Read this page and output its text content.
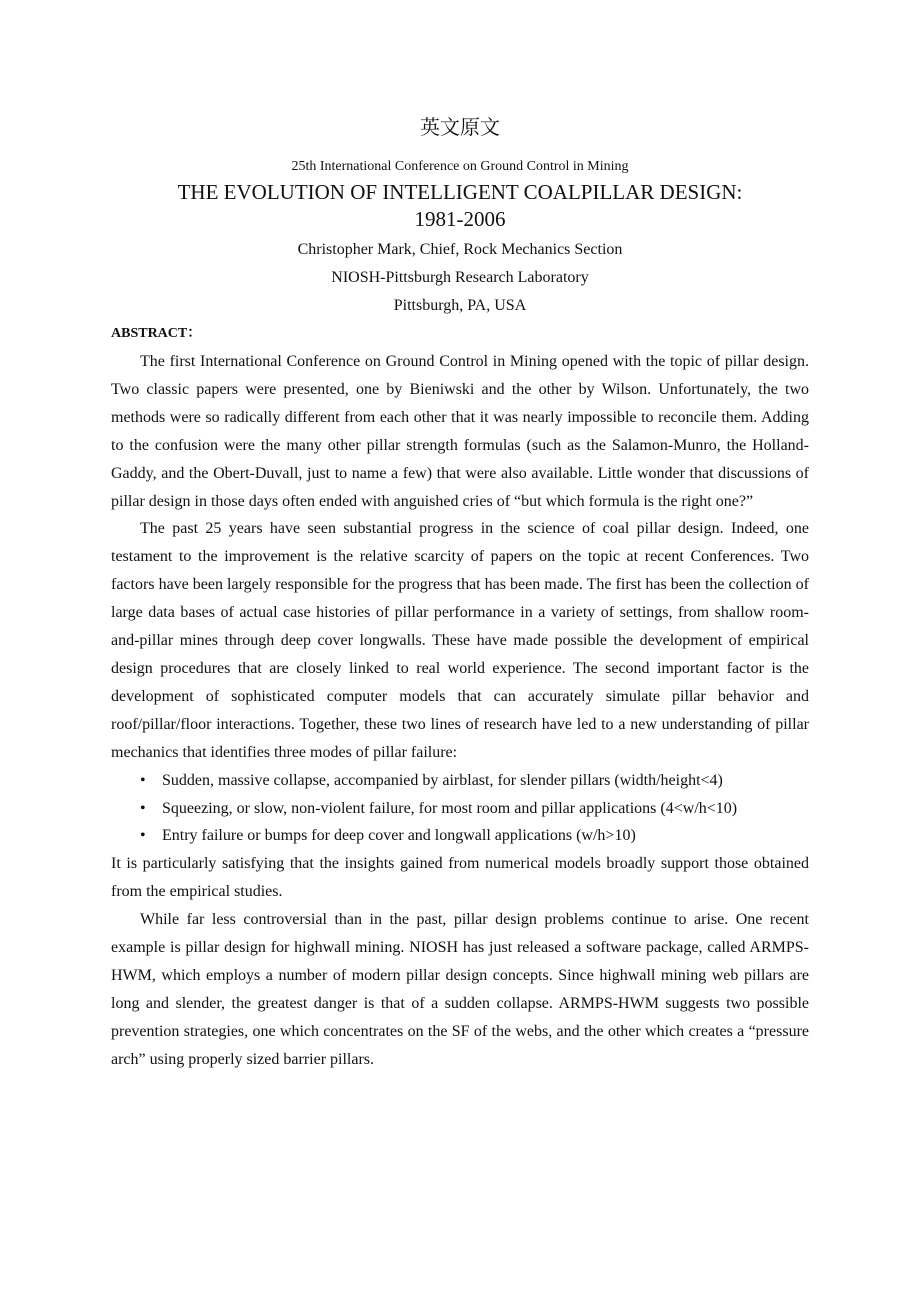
英文原文
25th International Conference on Ground Control in Mining
THE EVOLUTION OF INTELLIGENT COALPILLAR DESIGN:
1981-2006
Christopher Mark, Chief, Rock Mechanics Section
NIOSH-Pittsburgh Research Laboratory
Pittsburgh, PA, USA
ABSTRACT：

The first International Conference on Ground Control in Mining opened with the topic of pillar design. Two classic papers were presented, one by Bieniwski and the other by Wilson. Unfortunately, the two methods were so radically different from each other that it was nearly impossible to reconcile them. Adding to the confusion were the many other pillar strength formulas (such as the Salamon-Munro, the Holland-Gaddy, and the Obert-Duvall, just to name a few) that were also available. Little wonder that discussions of pillar design in those days often ended with anguished cries of “but which formula is the right one?”

The past 25 years have seen substantial progress in the science of coal pillar design. Indeed, one testament to the improvement is the relative scarcity of papers on the topic at recent Conferences. Two factors have been largely responsible for the progress that has been made. The first has been the collection of large data bases of actual case histories of pillar performance in a variety of settings, from shallow room-and-pillar mines through deep cover longwalls. These have made possible the development of empirical design procedures that are closely linked to real world experience. The second important factor is the development of sophisticated computer models that can accurately simulate pillar behavior and roof/pillar/floor interactions. Together, these two lines of research have led to a new understanding of pillar mechanics that identifies three modes of pillar failure:

• Sudden, massive collapse, accompanied by airblast, for slender pillars (width/height<4)

• Squeezing, or slow, non-violent failure, for most room and pillar applications (4<w/h<10)

• Entry failure or bumps for deep cover and longwall applications (w/h>10)

It is particularly satisfying that the insights gained from numerical models broadly support those obtained from the empirical studies.

While far less controversial than in the past, pillar design problems continue to arise. One recent example is pillar design for highwall mining. NIOSH has just released a software package, called ARMPS-HWM, which employs a number of modern pillar design concepts. Since highwall mining web pillars are long and slender, the greatest danger is that of a sudden collapse. ARMPS-HWM suggests two possible prevention strategies, one which concentrates on the SF of the webs, and the other which creates a “pressure arch” using properly sized barrier pillars.
